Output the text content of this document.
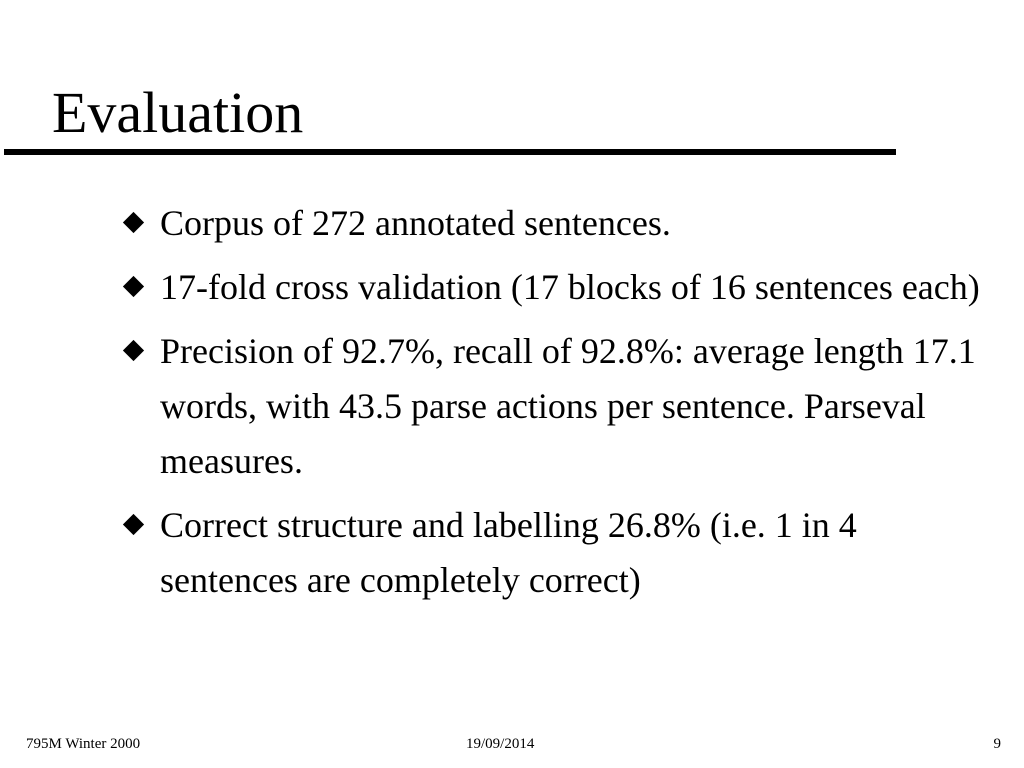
Evaluation
Corpus of 272 annotated sentences.
17-fold cross validation (17 blocks of 16 sentences each)
Precision of 92.7%, recall of 92.8%: average length 17.1 words, with 43.5 parse actions per sentence. Parseval measures.
Correct structure and labelling 26.8% (i.e. 1 in 4 sentences are completely correct)
795M Winter 2000	19/09/2014	9
